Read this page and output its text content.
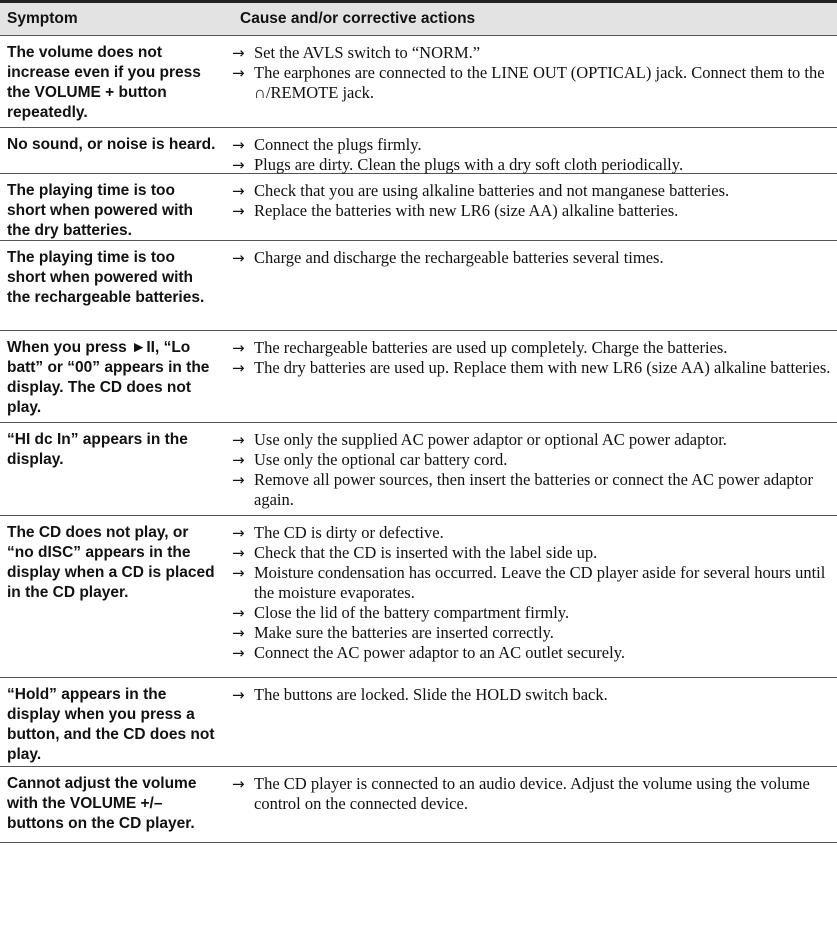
Symptom	Cause and/or corrective actions
The volume does not increase even if you press the VOLUME + button repeatedly.
→ Set the AVLS switch to “NORM.”
→ The earphones are connected to the LINE OUT (OPTICAL) jack. Connect them to the ∩/REMOTE jack.
No sound, or noise is heard.	→ Connect the plugs firmly.
→ Plugs are dirty. Clean the plugs with a dry soft cloth periodically.
The playing time is too short when powered with the dry batteries.
→ Check that you are using alkaline batteries and not manganese batteries.
→ Replace the batteries with new LR6 (size AA) alkaline batteries.
The playing time is too short when powered with the rechargeable batteries.
→ Charge and discharge the rechargeable batteries several times.
When you press ►II, “Lo batt” or “00” appears in the display. The CD does not play.
→ The rechargeable batteries are used up completely. Charge the batteries.
→ The dry batteries are used up. Replace them with new LR6 (size AA) alkaline batteries.
“HI dc In” appears in the display.
→ Use only the supplied AC power adaptor or optional AC power adaptor.
→ Use only the optional car battery cord.
→ Remove all power sources, then insert the batteries or connect the AC power adaptor again.
The CD does not play, or “no dISC” appears in the display when a CD is placed in the CD player.
→ The CD is dirty or defective.
→ Check that the CD is inserted with the label side up.
→ Moisture condensation has occurred. Leave the CD player aside for several hours until the moisture evaporates.
→ Close the lid of the battery compartment firmly.
→ Make sure the batteries are inserted correctly.
→ Connect the AC power adaptor to an AC outlet securely.
“Hold” appears in the display when you press a button, and the CD does not play.
→ The buttons are locked. Slide the HOLD switch back.
Cannot adjust the volume with the VOLUME +/– buttons on the CD player.
→ The CD player is connected to an audio device. Adjust the volume using the volume control on the connected device.
